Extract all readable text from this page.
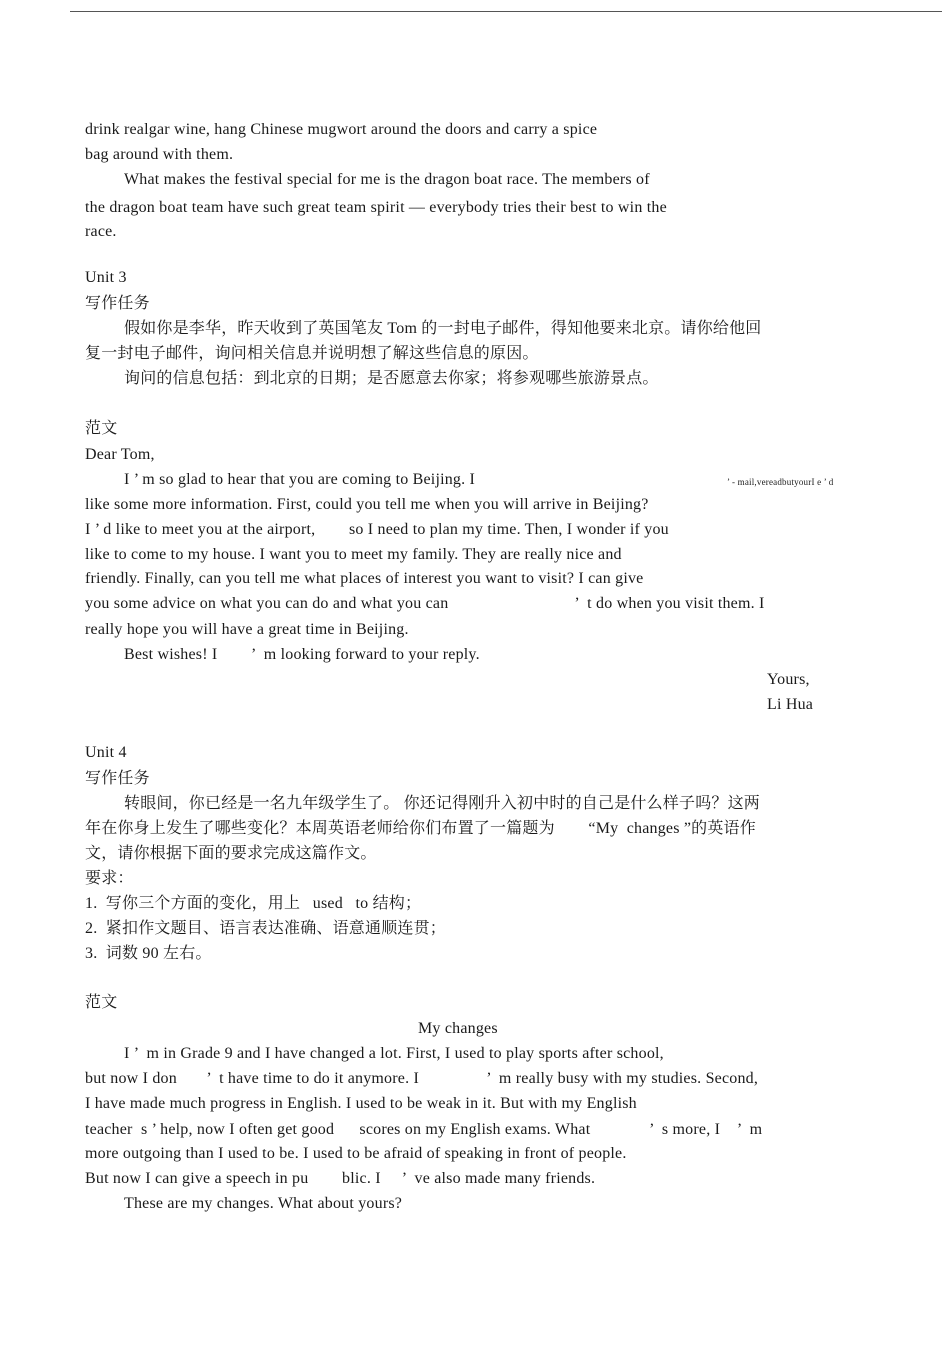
drink realgar wine, hang Chinese mugwort around the doors and carry a spice
bag around with them.
What makes the festival special for me is the dragon boat race. The members of
the dragon boat team have such great team spirit — everybody tries their best to win the
race.
Unit 3
写作任务
假如你是李华，昨天收到了英国笔友 Tom 的一封电子邮件，得知他要来北京。请你给他回
复一封电子邮件，询问相关信息并说明想了解这些信息的原因。
询问的信息包括：到北京的日期；是否愿意去你家；将参观哪些旅游景点。
范文
Dear Tom,
I ’ m so glad to hear that you are coming to Beijing. I	’ - mail,vereadbutyourI e ’ d
like some more information. First, could you tell me when you will arrive in Beijing?
I ’ d like to meet you at the airport,        so I need to plan my time. Then, I wonder if you
like to come to my house. I want you to meet my family. They are really nice and
friendly. Finally, can you tell me what places of interest you want to visit? I can give
you some advice on what you can do and what you can                              ’  t do when you visit them. I
really hope you will have a great time in Beijing.
Best wishes! I        ’  m looking forward to your reply.
Yours,
Li Hua
Unit 4
写作任务
转眼间，你已经是一名九年级学生了。 你还记得刚升入初中时的自己是什么样子吗？这两
年在你身上发生了哪些变化？本周英语老师给你们布置了一篇题为        “My  changes ”的英语作
文，请你根据下面的要求完成这篇作文。
要求：
1.  写你三个方面的变化，用上   used   to 结构；
2.  紧扣作文题目、语言表达准确、语意通顺连贯；
3.  词数 90 左右。
范文
My changes
I ’  m in Grade 9 and I have changed a lot. First, I used to play sports after school,
but now I don       ’  t have time to do it anymore. I                ’  m really busy with my studies. Second,
I have made much progress in English. I used to be weak in it. But with my English
teacher  s ’ help, now I often get good      scores on my English exams. What              ’  s more, I    ’  m
more outgoing than I used to be. I used to be afraid of speaking in front of people.
But now I can give a speech in pu        blic. I     ’  ve also made many friends.
These are my changes. What about yours?
